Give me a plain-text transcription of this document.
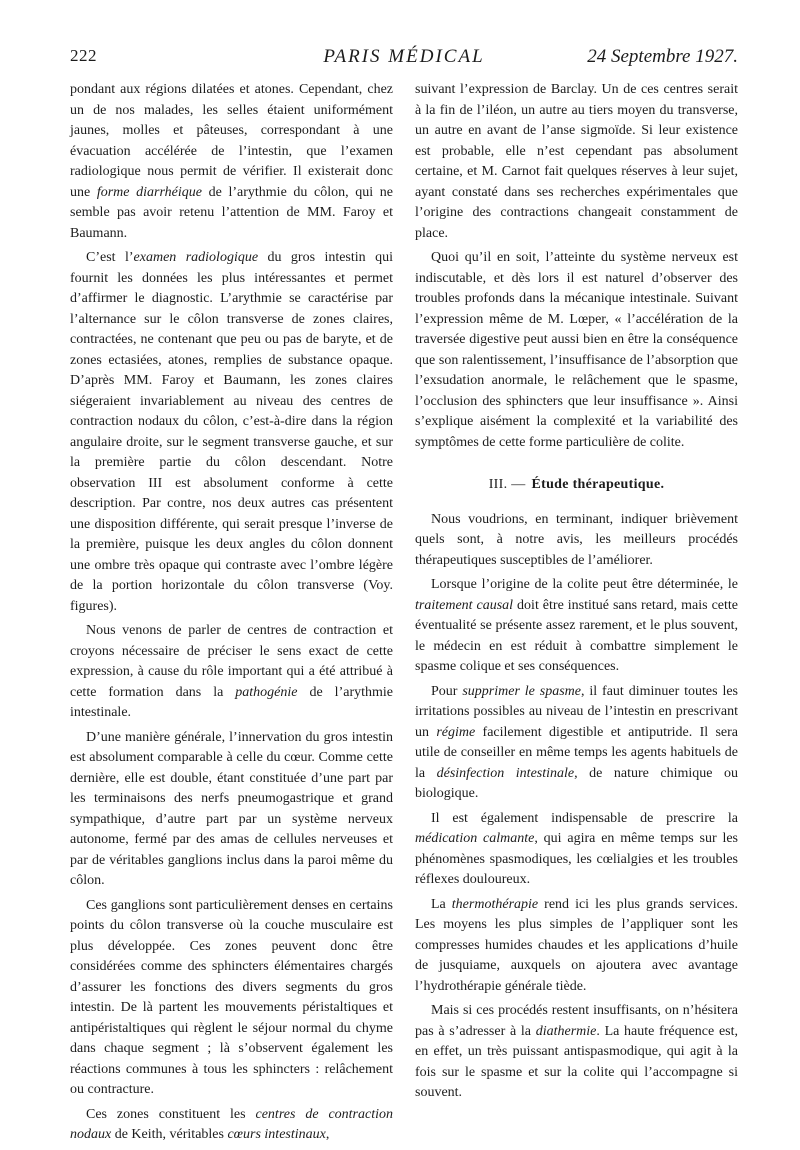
222	PARIS MÉDICAL	24 Septembre 1927.

pondant aux régions dilatées et atones. Cependant, chez un de nos malades, les selles étaient uniformément jaunes, molles et pâteuses, correspondant à une évacuation accélérée de l’intestin, que l’examen radiologique nous permit de vérifier. Il existerait donc une forme diarrhéique de l’arythmie du côlon, qui ne semble pas avoir retenu l’attention de MM. Faroy et Baumann.

C’est l’examen radiologique du gros intestin qui fournit les données les plus intéressantes et permet d’affirmer le diagnostic. L’arythmie se caractérise par l’alternance sur le côlon transverse de zones claires, contractées, ne contenant que peu ou pas de baryte, et de zones ectasiées, atones, remplies de substance opaque. D’après MM. Faroy et Baumann, les zones claires siégeraient invariablement au niveau des centres de contraction nodaux du côlon, c’est-à-dire dans la région angulaire droite, sur le segment transverse gauche, et sur la première partie du côlon descendant. Notre observation III est absolument conforme à cette description. Par contre, nos deux autres cas présentent une disposition différente, qui serait presque l’inverse de la première, puisque les deux angles du côlon donnent une ombre très opaque qui contraste avec l’ombre légère de la portion horizontale du côlon transverse (Voy. figures).

Nous venons de parler de centres de contraction et croyons nécessaire de préciser le sens exact de cette expression, à cause du rôle important qui a été attribué à cette formation dans la pathogénie de l’arythmie intestinale.

D’une manière générale, l’innervation du gros intestin est absolument comparable à celle du cœur. Comme cette dernière, elle est double, étant constituée d’une part par les terminaisons des nerfs pneumogastrique et grand sympathique, d’autre part par un système nerveux autonome, fermé par des amas de cellules nerveuses et par de véritables ganglions inclus dans la paroi même du côlon.

Ces ganglions sont particulièrement denses en certains points du côlon transverse où la couche musculaire est plus développée. Ces zones peuvent donc être considérées comme des sphincters élémentaires chargés d’assurer les fonctions des divers segments du gros intestin. De là partent les mouvements péristaltiques et antipéristaltiques qui règlent le séjour normal du chyme dans chaque segment ; là s’observent également les réactions communes à tous les sphincters : relâchement ou contracture.

Ces zones constituent les centres de contraction nodaux de Keith, véritables cœurs intestinaux,

suivant l’expression de Barclay. Un de ces centres serait à la fin de l’iléon, un autre au tiers moyen du transverse, un autre en avant de l’anse sigmoïde. Si leur existence est probable, elle n’est cependant pas absolument certaine, et M. Carnot fait quelques réserves à leur sujet, ayant constaté dans ses recherches expérimentales que l’origine des contractions changeait constamment de place.

Quoi qu’il en soit, l’atteinte du système nerveux est indiscutable, et dès lors il est naturel d’observer des troubles profonds dans la mécanique intestinale. Suivant l’expression même de M. Lœper, « l’accélération de la traversée digestive peut aussi bien en être la conséquence que son ralentissement, l’insuffisance de l’absorption que l’exsudation anormale, le relâchement que le spasme, l’occlusion des sphincters que leur insuffisance ». Ainsi s’explique aisément la complexité et la variabilité des symptômes de cette forme particulière de colite.

III. — Étude thérapeutique.

Nous voudrions, en terminant, indiquer brièvement quels sont, à notre avis, les meilleurs procédés thérapeutiques susceptibles de l’améliorer.

Lorsque l’origine de la colite peut être déterminée, le traitement causal doit être institué sans retard, mais cette éventualité se présente assez rarement, et le plus souvent, le médecin en est réduit à combattre simplement le spasme colique et ses conséquences.

Pour supprimer le spasme, il faut diminuer toutes les irritations possibles au niveau de l’intestin en prescrivant un régime facilement digestible et antiputride. Il sera utile de conseiller en même temps les agents habituels de la désinfection intestinale, de nature chimique ou biologique.

Il est également indispensable de prescrire la médication calmante, qui agira en même temps sur les phénomènes spasmodiques, les cœlialgies et les troubles réflexes douloureux.

La thermothérapie rend ici les plus grands services. Les moyens les plus simples de l’appliquer sont les compresses humides chaudes et les applications d’huile de jusquiame, auxquels on ajoutera avec avantage l’hydrothérapie générale tiède.

Mais si ces procédés restent insuffisants, on n’hésitera pas à s’adresser à la diathermie. La haute fréquence est, en effet, un très puissant antispasmodique, qui agit à la fois sur le spasme et sur la colite qui l’accompagne si souvent.
